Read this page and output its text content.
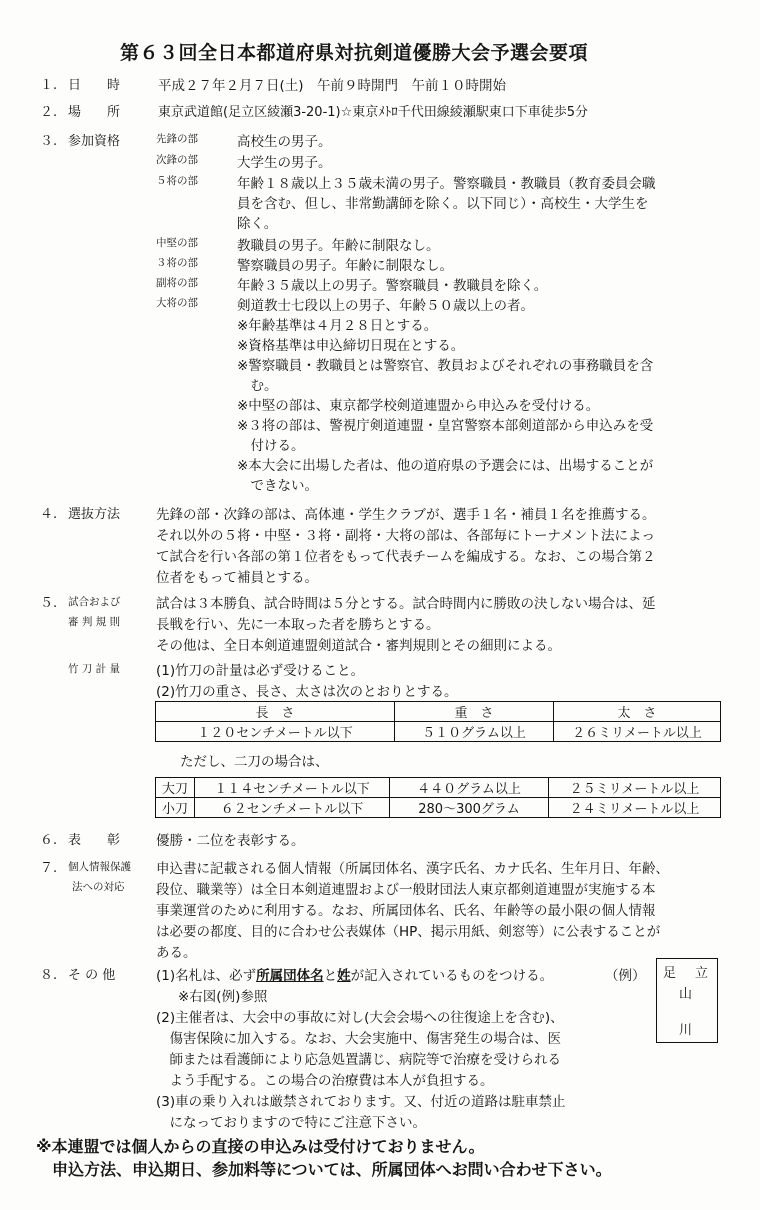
第６３回全日本都道府県対抗剣道優勝大会予選会要項
１. 日　　時	平成２７年２月７日(土)　午前９時開門　午前１０時開始
２. 場　　所	東京武道館(足立区綾瀬3-20-1)☆東京ﾒﾄﾛ千代田線綾瀬駅東口下車徒歩5分
３. 参加資格	先鋒の部	高校生の男子。
次鋒の部	大学生の男子。
５将の部	年齢１８歳以上３５歳未満の男子。警察職員・教職員（教育委員会職
員を含む、但し、非常勤講師を除く。以下同じ）・高校生・大学生を
除く。
中堅の部	教職員の男子。年齢に制限なし。
３将の部	警察職員の男子。年齢に制限なし。
副将の部	年齢３５歳以上の男子。警察職員・教職員を除く。
大将の部	剣道教士七段以上の男子、年齢５０歳以上の者。
※年齢基準は４月２８日とする。
※資格基準は申込締切日現在とする。
※警察職員・教職員とは警察官、教員およびそれぞれの事務職員を含
　む。
※中堅の部は、東京都学校剣道連盟から申込みを受付ける。
※３将の部は、警視庁剣道連盟・皇宮警察本部剣道部から申込みを受
　付ける。
※本大会に出場した者は、他の道府県の予選会には、出場することが
　できない。
４. 選抜方法	先鋒の部・次鋒の部は、高体連・学生クラブが、選手１名・補員１名を推薦する。
それ以外の５将・中堅・３将・副将・大将の部は、各部毎にトーナメント法によっ
て試合を行い各部の第１位者をもって代表チームを編成する。なお、この場合第２
位者をもって補員とする。
５. 試合および
審 判 規 則
試合は３本勝負、試合時間は５分とする。試合時間内に勝敗の決しない場合は、延
長戦を行い、先に一本取った者を勝ちとする。
その他は、全日本剣道連盟剣道試合・審判規則とその細則による。
竹 刀 計 量	(1)竹刀の計量は必ず受けること。
(2)竹刀の重さ、長さ、太さは次のとおりとする。
長　さ	重　さ	太　さ
１２０センチメートル以下	５１０グラム以上	２６ミリメートル以上
ただし、二刀の場合は、
大刀	１１４センチメートル以下	４４０グラム以上	２５ミリメートル以上
小刀	６２センチメートル以下	280～300グラム	２４ミリメートル以上
６. 表　　彰	優勝・二位を表彰する。
７. 個人情報保護
法への対応
申込書に記載される個人情報（所属団体名、漢字氏名、カナ氏名、生年月日、年齢、
段位、職業等）は全日本剣道連盟および一般財団法人東京都剣道連盟が実施する本
事業運営のために利用する。なお、所属団体名、氏名、年齢等の最小限の個人情報
は必要の都度、目的に合わせ公表媒体（HP、掲示用紙、剣窓等）に公表することが
ある。
８. そ の 他	(1)名札は、必ず所属団体名と姓が記入されているものをつける。
※右図(例)参照
(2)主催者は、大会中の事故に対し(大会会場への往復途上を含む)、
　傷害保険に加入する。なお、大会実施中、傷害発生の場合は、医
　師または看護師により応急処置講じ、病院等で治療を受けられる
　よう手配する。この場合の治療費は本人が負担する。
(3)車の乗り入れは厳禁されております。又、付近の道路は駐車禁止
　になっておりますので特にご注意下さい。
（例） 足 立
山
川
※本連盟では個人からの直接の申込みは受付けておりません。
　申込方法、申込期日、参加料等については、所属団体へお問い合わせ下さい。
